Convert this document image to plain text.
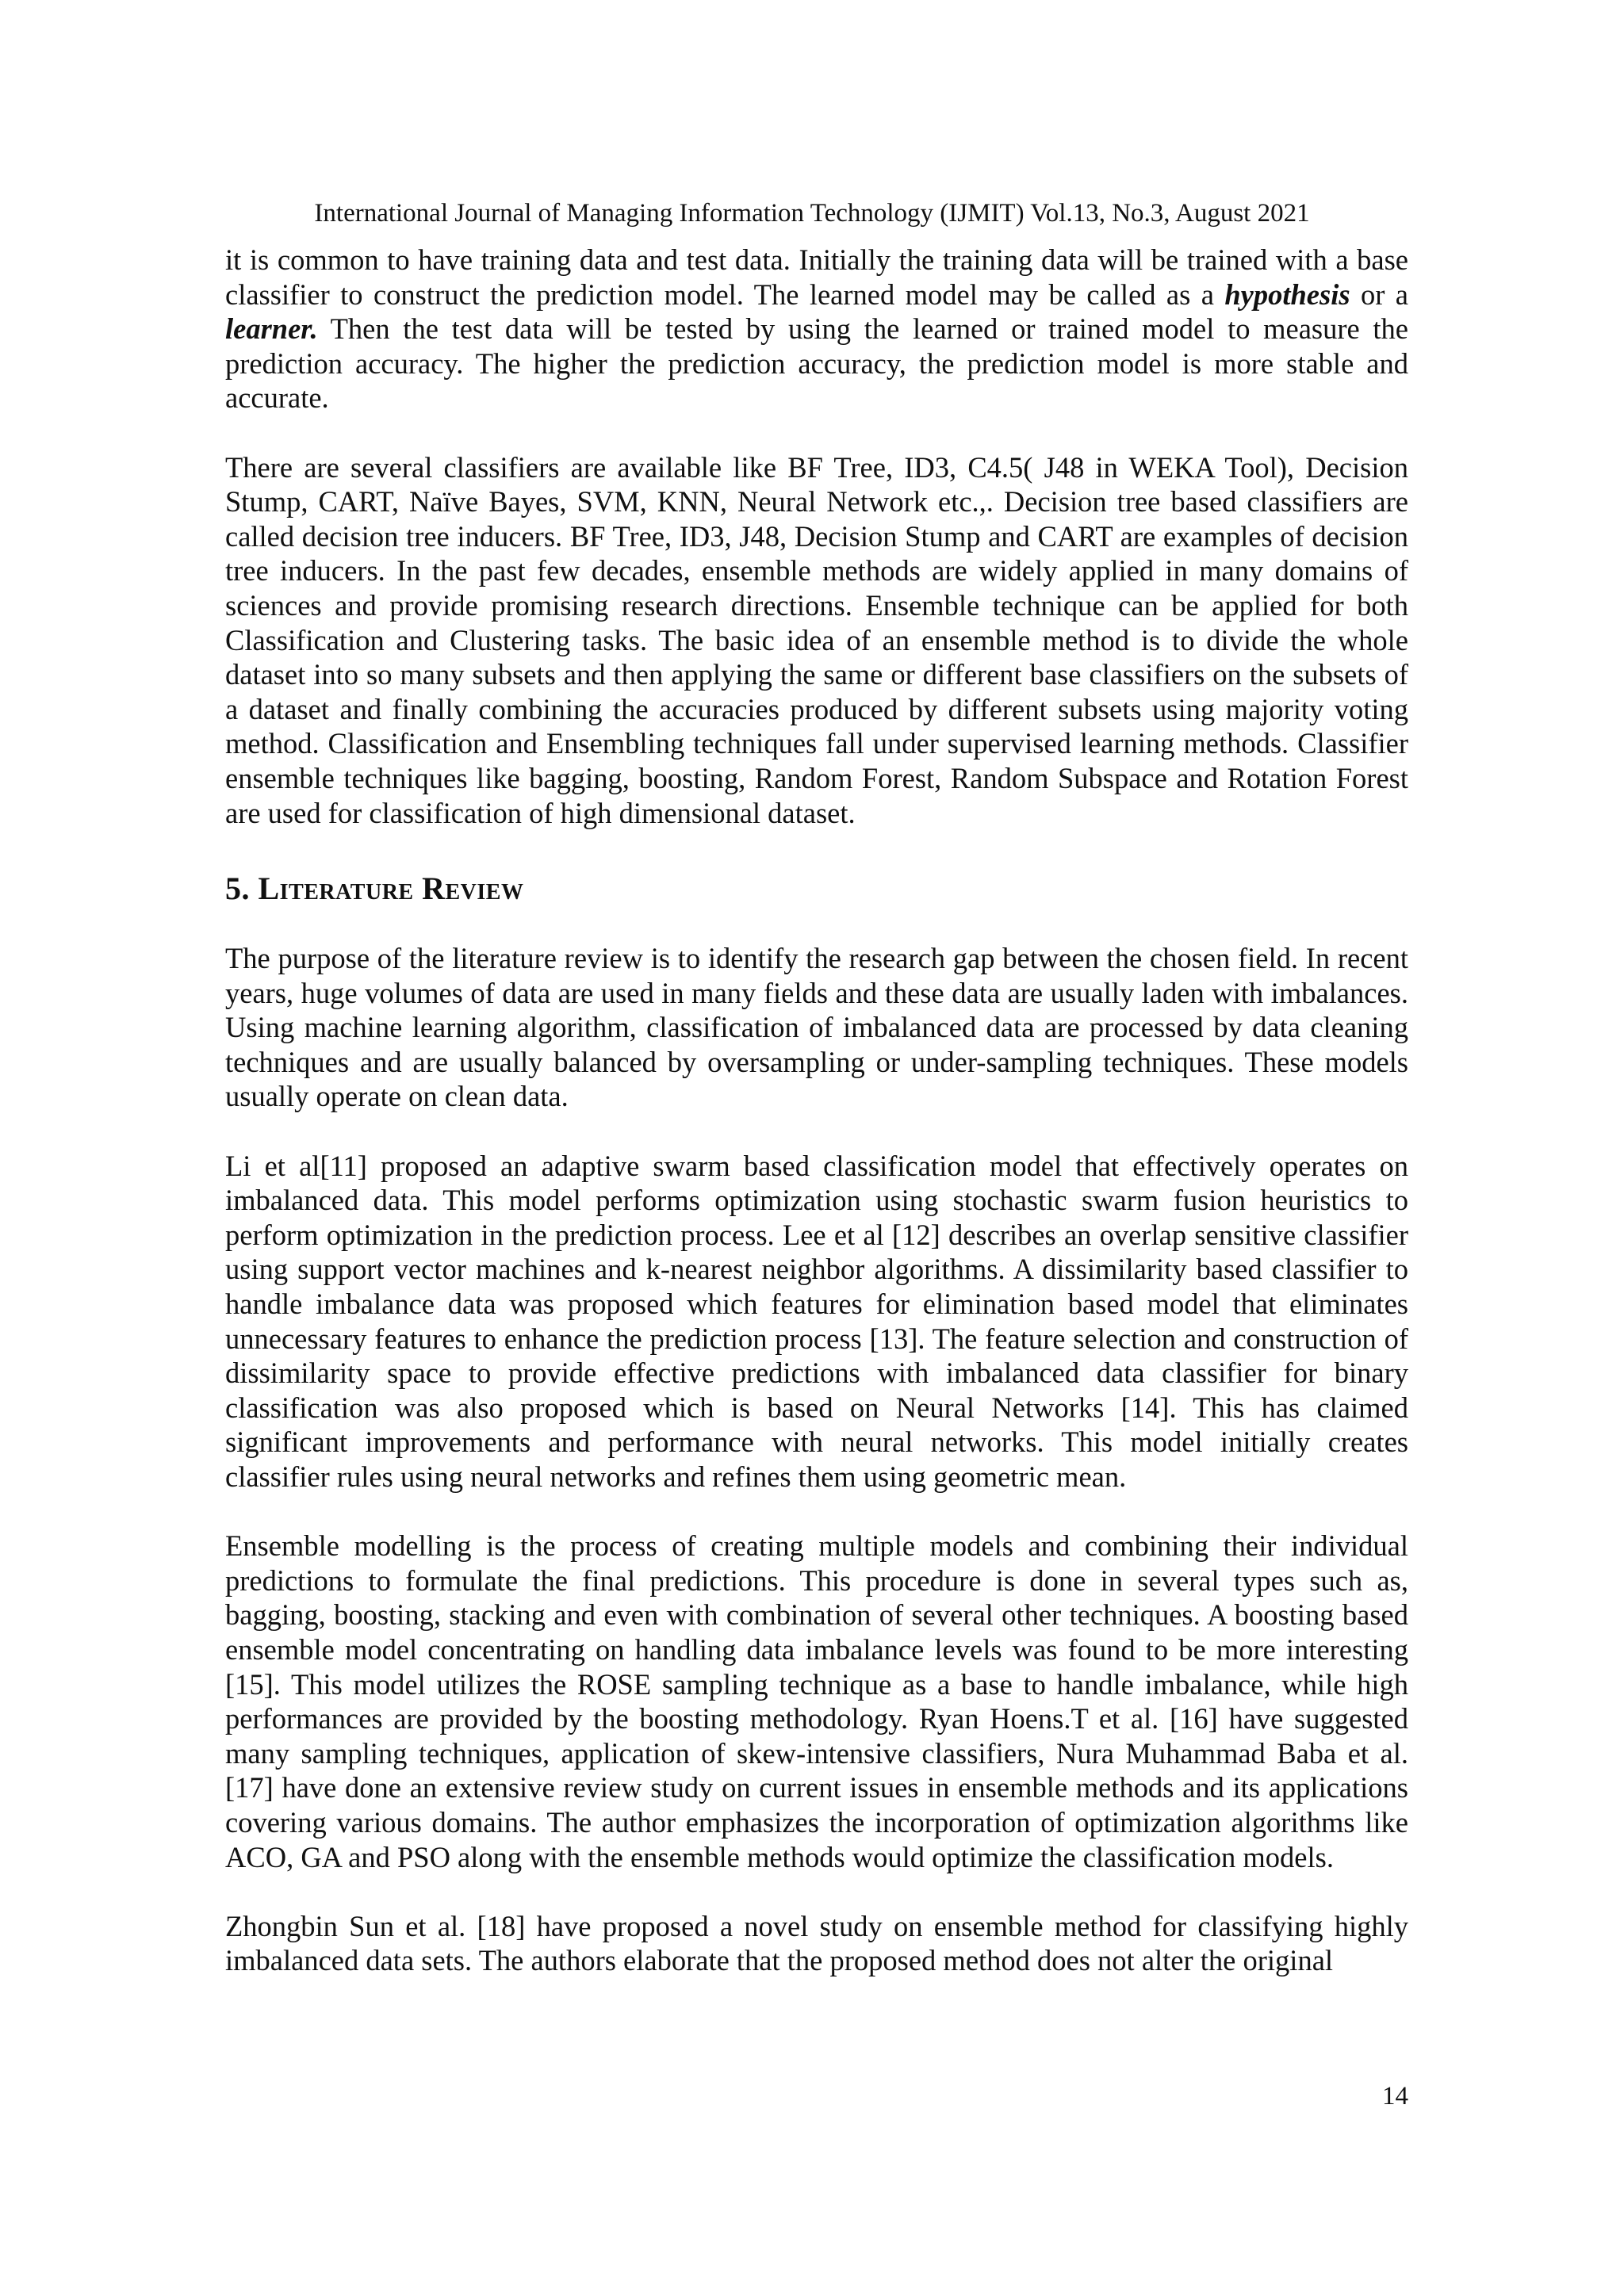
International Journal of Managing Information Technology (IJMIT) Vol.13, No.3, August 2021

it is common to have training data and test data. Initially the training data will be trained with a base classifier to construct the prediction model. The learned model may be called as a hypothesis or a learner. Then the test data will be tested by using the learned or trained model to measure the prediction accuracy. The higher the prediction accuracy, the prediction model is more stable and accurate.

There are several classifiers are available like BF Tree, ID3, C4.5( J48 in WEKA Tool), Decision Stump, CART, Naïve Bayes, SVM, KNN, Neural Network etc.,. Decision tree based classifiers are called decision tree inducers. BF Tree, ID3, J48, Decision Stump and CART are examples of decision tree inducers. In the past few decades, ensemble methods are widely applied in many domains of sciences and provide promising research directions. Ensemble technique can be applied for both Classification and Clustering tasks. The basic idea of an ensemble method is to divide the whole dataset into so many subsets and then applying the same or different base classifiers on the subsets of a dataset and finally combining the accuracies produced by different subsets using majority voting method. Classification and Ensembling techniques fall under supervised learning methods. Classifier ensemble techniques like bagging, boosting, Random Forest, Random Subspace and Rotation Forest are used for classification of high dimensional dataset.

5. Literature Review

The purpose of the literature review is to identify the research gap between the chosen field. In recent years, huge volumes of data are used in many fields and these data are usually laden with imbalances. Using machine learning algorithm, classification of imbalanced data are processed by data cleaning techniques and are usually balanced by oversampling or under-sampling techniques. These models usually operate on clean data.

Li et al[11] proposed an adaptive swarm based classification model that effectively operates on imbalanced data. This model performs optimization using stochastic swarm fusion heuristics to perform optimization in the prediction process. Lee et al [12] describes an overlap sensitive classifier using support vector machines and k-nearest neighbor algorithms. A dissimilarity based classifier to handle imbalance data was proposed which features for elimination based model that eliminates unnecessary features to enhance the prediction process [13]. The feature selection and construction of dissimilarity space to provide effective predictions with imbalanced data classifier for binary classification was also proposed which is based on Neural Networks [14]. This has claimed significant improvements and performance with neural networks. This model initially creates classifier rules using neural networks and refines them using geometric mean.

Ensemble modelling is the process of creating multiple models and combining their individual predictions to formulate the final predictions. This procedure is done in several types such as, bagging, boosting, stacking and even with combination of several other techniques. A boosting based ensemble model concentrating on handling data imbalance levels was found to be more interesting [15]. This model utilizes the ROSE sampling technique as a base to handle imbalance, while high performances are provided by the boosting methodology. Ryan Hoens.T et al. [16] have suggested many sampling techniques, application of skew-intensive classifiers, Nura Muhammad Baba et al. [17] have done an extensive review study on current issues in ensemble methods and its applications covering various domains. The author emphasizes the incorporation of optimization algorithms like ACO, GA and PSO along with the ensemble methods would optimize the classification models.

Zhongbin Sun et al. [18] have proposed a novel study on ensemble method for classifying highly imbalanced data sets. The authors elaborate that the proposed method does not alter the original

14
